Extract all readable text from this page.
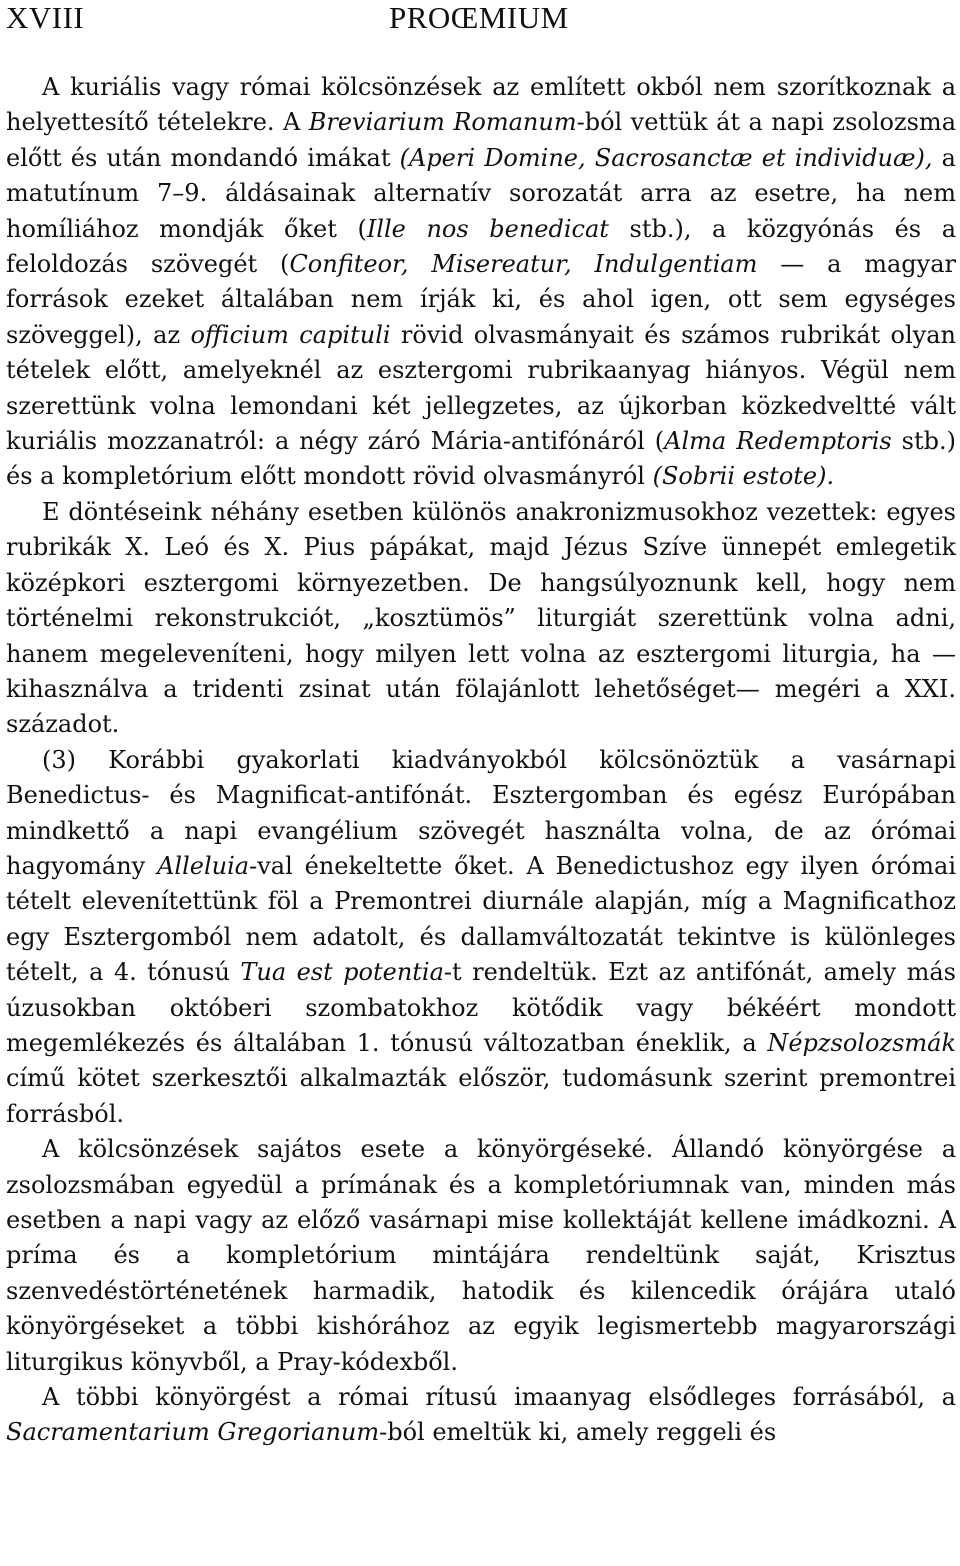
XVIII	PROŒMIUM

A kuriális vagy római kölcsönzések az említett okból nem szorítkoznak a helyettesítő tételekre. A Breviarium Romanum-ból vettük át a napi zsolozsma előtt és után mondandó imákat (Aperi Domine, Sacrosanctæ et individuæ), a matutínum 7–9. áldásainak alternatív sorozatát arra az esetre, ha nem homíliához mondják őket (Ille nos benedicat stb.), a közgyónás és a feloldozás szövegét (Confiteor, Misereatur, Indulgentiam — a magyar források ezeket általában nem írják ki, és ahol igen, ott sem egységes szöveggel), az officium capituli rövid olvasmányait és számos rubrikát olyan tételek előtt, amelyeknél az esztergomi rubrikaanyag hiányos. Végül nem szerettünk volna lemondani két jellegzetes, az újkorban közkedveltté vált kuriális mozzanatról: a négy záró Mária-antifónáról (Alma Redemptoris stb.) és a kompletórium előtt mondott rövid olvasmányról (Sobrii estote).

E döntéseink néhány esetben különös anakronizmusokhoz vezettek: egyes rubrikák X. Leó és X. Pius pápákat, majd Jézus Szíve ünnepét emlegetik középkori esztergomi környezetben. De hangsúlyoznunk kell, hogy nem történelmi rekonstrukciót, „kosztümös” liturgiát szerettünk volna adni, hanem megeleveníteni, hogy milyen lett volna az esztergomi liturgia, ha —kihasználva a tridenti zsinat után fölajánlott lehetőséget— megéri a XXI. századot.

(3) Korábbi gyakorlati kiadványokból kölcsönöztük a vasárnapi Benedictus- és Magnificat-antifónát. Esztergomban és egész Európában mindkettő a napi evangélium szövegét használta volna, de az órómai hagyomány Alleluia-val énekeltette őket. A Benedictushoz egy ilyen órómai tételt elevenítettünk föl a Premontrei diurnále alapján, míg a Magnificathoz egy Esztergomból nem adatolt, és dallamváltozatát tekintve is különleges tételt, a 4. tónusú Tua est potentia-t rendeltük. Ezt az antifónát, amely más úzusokban októberi szombatokhoz kötődik vagy békéért mondott megemlékezés és általában 1. tónusú változatban éneklik, a Népzsolozsmák című kötet szerkesztői alkalmazták először, tudomásunk szerint premontrei forrásból.

A kölcsönzések sajátos esete a könyörgéseké. Állandó könyörgése a zsolozsmában egyedül a prímának és a kompletóriumnak van, minden más esetben a napi vagy az előző vasárnapi mise kollektáját kellene imádkozni. A príma és a kompletórium mintájára rendeltünk saját, Krisztus szenvedéstörténetének harmadik, hatodik és kilencedik órájára utaló könyörgéseket a többi kishórához az egyik legismertebb magyarországi liturgikus könyvből, a Pray-kódexből.

A többi könyörgést a római rítusú imaanyag elsődleges forrásából, a Sacramentarium Gregorianum-ból emeltük ki, amely reggeli és
